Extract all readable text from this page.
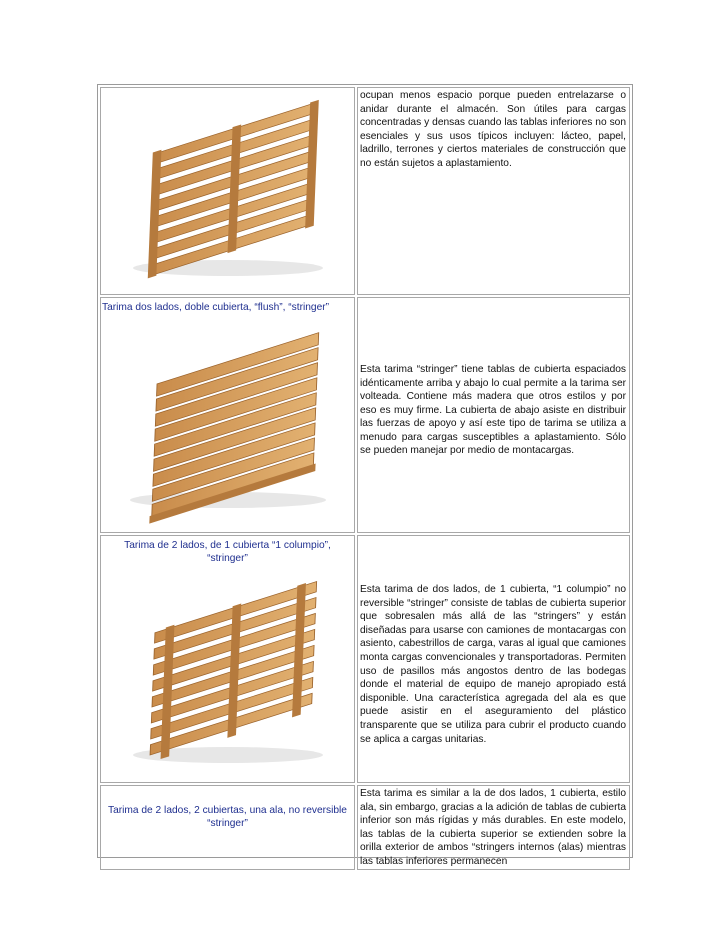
ocupan menos espacio porque pueden entrelazarse o anidar durante el almacén. Son útiles para cargas concentradas y densas cuando las tablas inferiores no son esenciales y sus usos típicos incluyen: lácteo, papel, ladrillo, terrones y ciertos materiales de construcción que no están sujetos a aplastamiento.
Tarima dos lados, doble cubierta, “flush”, “stringer”
Esta tarima “stringer” tiene tablas de cubierta espaciados idénticamente arriba y abajo lo cual permite a la tarima ser volteada. Contiene más madera que otros estilos y por eso es muy firme. La cubierta de abajo asiste en distribuir las fuerzas de apoyo y así este tipo de tarima se utiliza a menudo para cargas susceptibles a aplastamiento. Sólo se pueden manejar por medio de montacargas.
Tarima de 2 lados, de 1 cubierta “1 columpio”, “stringer”
Esta tarima de dos lados, de 1 cubierta, “1 columpio” no reversible “stringer” consiste de tablas de cubierta superior que sobresalen más allá de las “stringers” y están diseñadas para usarse con camiones de montacargas con asiento, cabestrillos de carga, varas al igual que camiones monta cargas convencionales y transportadoras. Permiten uso de pasillos más angostos dentro de las bodegas donde el material de equipo de manejo apropiado está disponible. Una característica agregada del ala es que puede asistir en el aseguramiento del plástico transparente que se utiliza para cubrir el producto cuando se aplica a cargas unitarias.
Tarima de 2 lados, 2 cubiertas, una ala, no reversible “stringer”
Esta tarima es similar a la de dos lados, 1 cubierta, estilo ala, sin embargo, gracias a la adición de tablas de cubierta inferior son más rígidas y más durables. En este modelo, las tablas de la cubierta superior se extienden sobre la orilla exterior de ambos “stringers internos (alas) mientras las tablas inferiores permanecen
